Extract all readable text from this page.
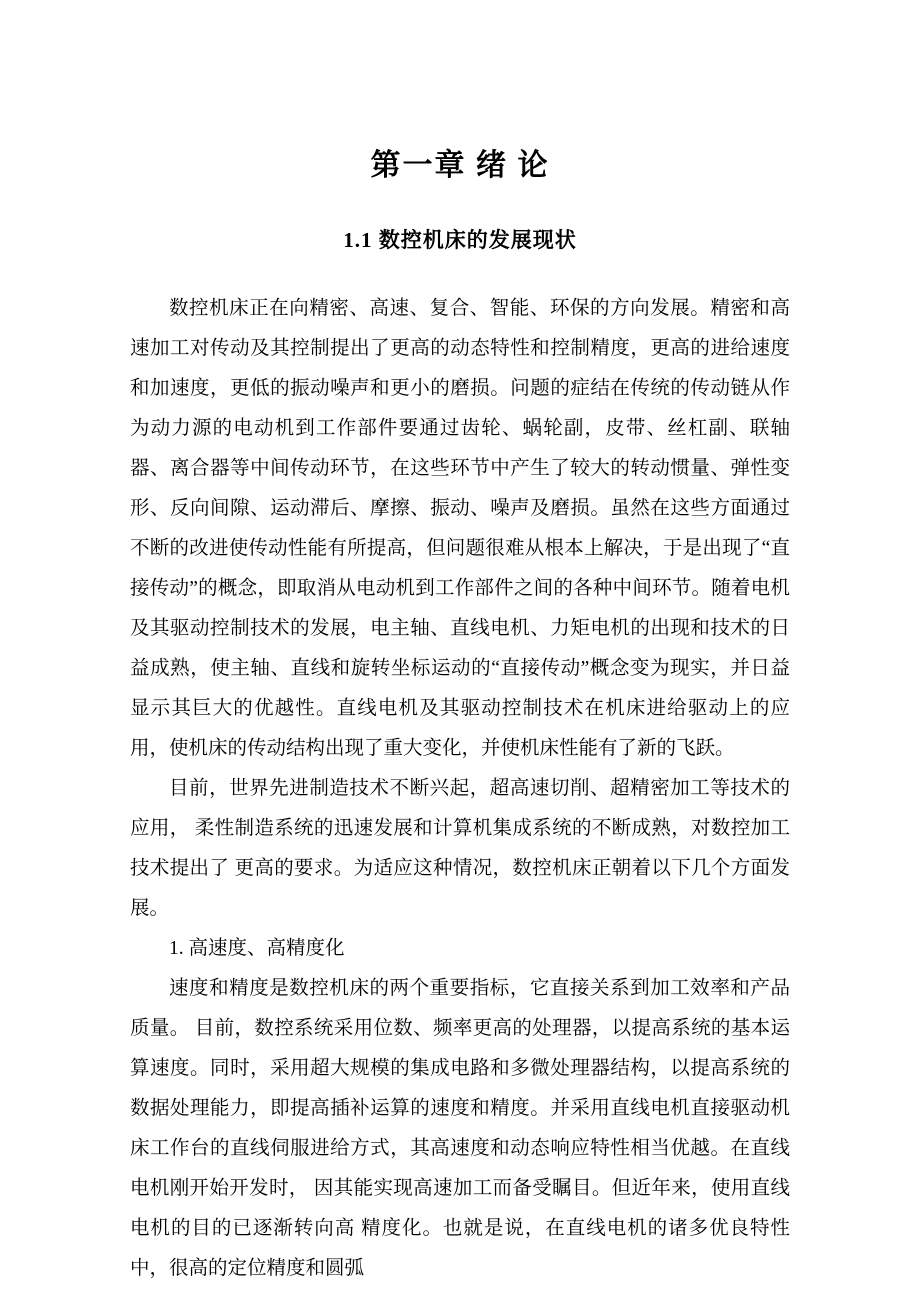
第一章 绪 论
1.1 数控机床的发展现状

数控机床正在向精密、高速、复合、智能、环保的方向发展。精密和高速加工对传动及其控制提出了更高的动态特性和控制精度，更高的进给速度和加速度，更低的振动噪声和更小的磨损。问题的症结在传统的传动链从作为动力源的电动机到工作部件要通过齿轮、蜗轮副，皮带、丝杠副、联轴器、离合器等中间传动环节，在这些环节中产生了较大的转动惯量、弹性变形、反向间隙、运动滞后、摩擦、振动、噪声及磨损。虽然在这些方面通过不断的改进使传动性能有所提高，但问题很难从根本上解决，于是出现了“直接传动”的概念，即取消从电动机到工作部件之间的各种中间环节。随着电机及其驱动控制技术的发展，电主轴、直线电机、力矩电机的出现和技术的日益成熟，使主轴、直线和旋转坐标运动的“直接传动”概念变为现实，并日益显示其巨大的优越性。直线电机及其驱动控制技术在机床进给驱动上的应用，使机床的传动结构出现了重大变化，并使机床性能有了新的飞跃。

目前，世界先进制造技术不断兴起，超高速切削、超精密加工等技术的应用， 柔性制造系统的迅速发展和计算机集成系统的不断成熟，对数控加工技术提出了 更高的要求。为适应这种情况，数控机床正朝着以下几个方面发展。

1. 高速度、高精度化

速度和精度是数控机床的两个重要指标，它直接关系到加工效率和产品质量。 目前，数控系统采用位数、频率更高的处理器，以提高系统的基本运算速度。同时，采用超大规模的集成电路和多微处理器结构，以提高系统的数据处理能力，即提高插补运算的速度和精度。并采用直线电机直接驱动机床工作台的直线伺服进给方式，其高速度和动态响应特性相当优越。在直线电机刚开始开发时， 因其能实现高速加工而备受瞩目。但近年来，使用直线电机的目的已逐渐转向高 精度化。也就是说，在直线电机的诸多优良特性中，很高的定位精度和圆弧
